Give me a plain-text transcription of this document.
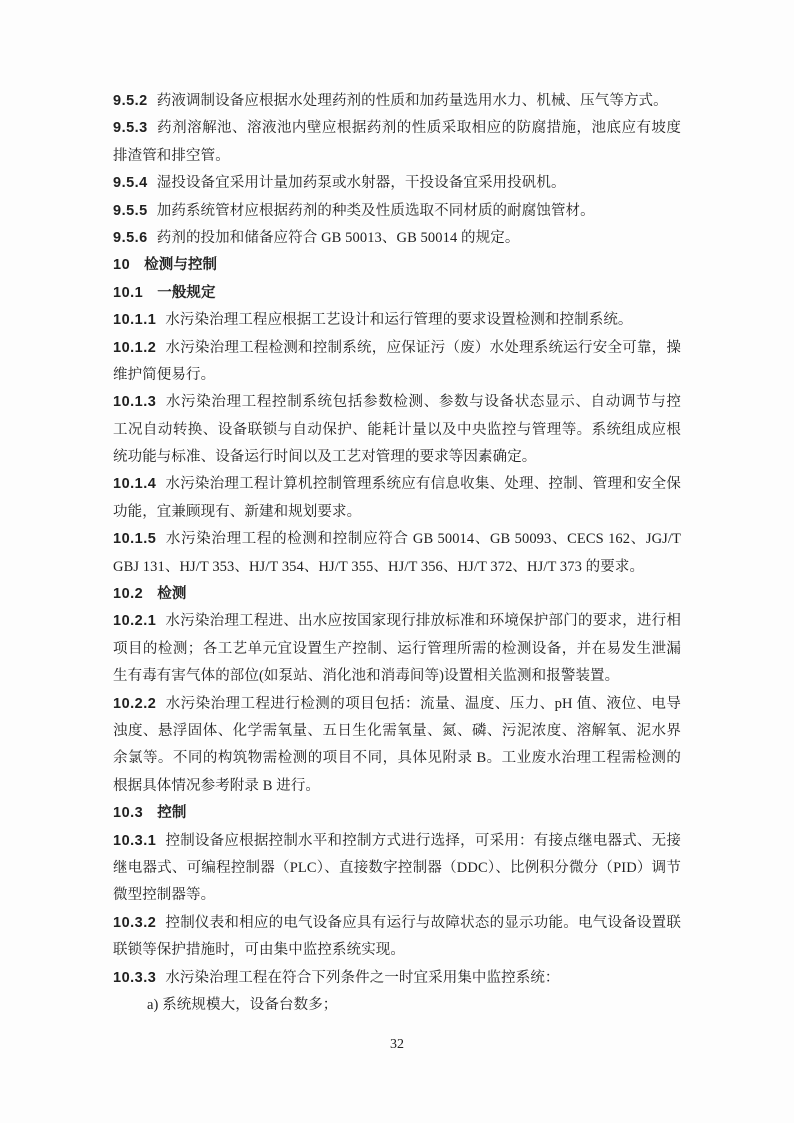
9.5.2 药液调制设备应根据水处理药剂的性质和加药量选用水力、机械、压气等方式。
9.5.3 药剂溶解池、溶液池内壁应根据药剂的性质采取相应的防腐措施，池底应有坡度
排渣管和排空管。
9.5.4 湿投设备宜采用计量加药泵或水射器，干投设备宜采用投矾机。
9.5.5 加药系统管材应根据药剂的种类及性质选取不同材质的耐腐蚀管材。
9.5.6 药剂的投加和储备应符合 GB 50013、GB 50014 的规定。
10 检测与控制
10.1 一般规定
10.1.1 水污染治理工程应根据工艺设计和运行管理的要求设置检测和控制系统。
10.1.2 水污染治理工程检测和控制系统，应保证污（废）水处理系统运行安全可靠，操
维护简便易行。
10.1.3 水污染治理工程控制系统包括参数检测、参数与设备状态显示、自动调节与控
工况自动转换、设备联锁与自动保护、能耗计量以及中央监控与管理等。系统组成应根
统功能与标准、设备运行时间以及工艺对管理的要求等因素确定。
10.1.4 水污染治理工程计算机控制管理系统应有信息收集、处理、控制、管理和安全保
功能，宜兼顾现有、新建和规划要求。
10.1.5 水污染治理工程的检测和控制应符合 GB 50014、GB 50093、CECS 162、JGJ/T
GBJ 131、HJ/T 353、HJ/T 354、HJ/T 355、HJ/T 356、HJ/T 372、HJ/T 373 的要求。
10.2 检测
10.2.1 水污染治理工程进、出水应按国家现行排放标准和环境保护部门的要求，进行相
项目的检测；各工艺单元宜设置生产控制、运行管理所需的检测设备，并在易发生泄漏
生有毒有害气体的部位(如泵站、消化池和消毒间等)设置相关监测和报警装置。
10.2.2 水污染治理工程进行检测的项目包括：流量、温度、压力、pH 值、液位、电导
浊度、悬浮固体、化学需氧量、五日生化需氧量、氮、磷、污泥浓度、溶解氧、泥水界
余氯等。不同的构筑物需检测的项目不同，具体见附录 B。工业废水治理工程需检测的
根据具体情况参考附录 B 进行。
10.3 控制
10.3.1 控制设备应根据控制水平和控制方式进行选择，可采用：有接点继电器式、无接
继电器式、可编程控制器（PLC）、直接数字控制器（DDC）、比例积分微分（PID）调节
微型控制器等。
10.3.2 控制仪表和相应的电气设备应具有运行与故障状态的显示功能。电气设备设置联
联锁等保护措施时，可由集中监控系统实现。
10.3.3 水污染治理工程在符合下列条件之一时宜采用集中监控系统：
a) 系统规模大，设备台数多；
32
